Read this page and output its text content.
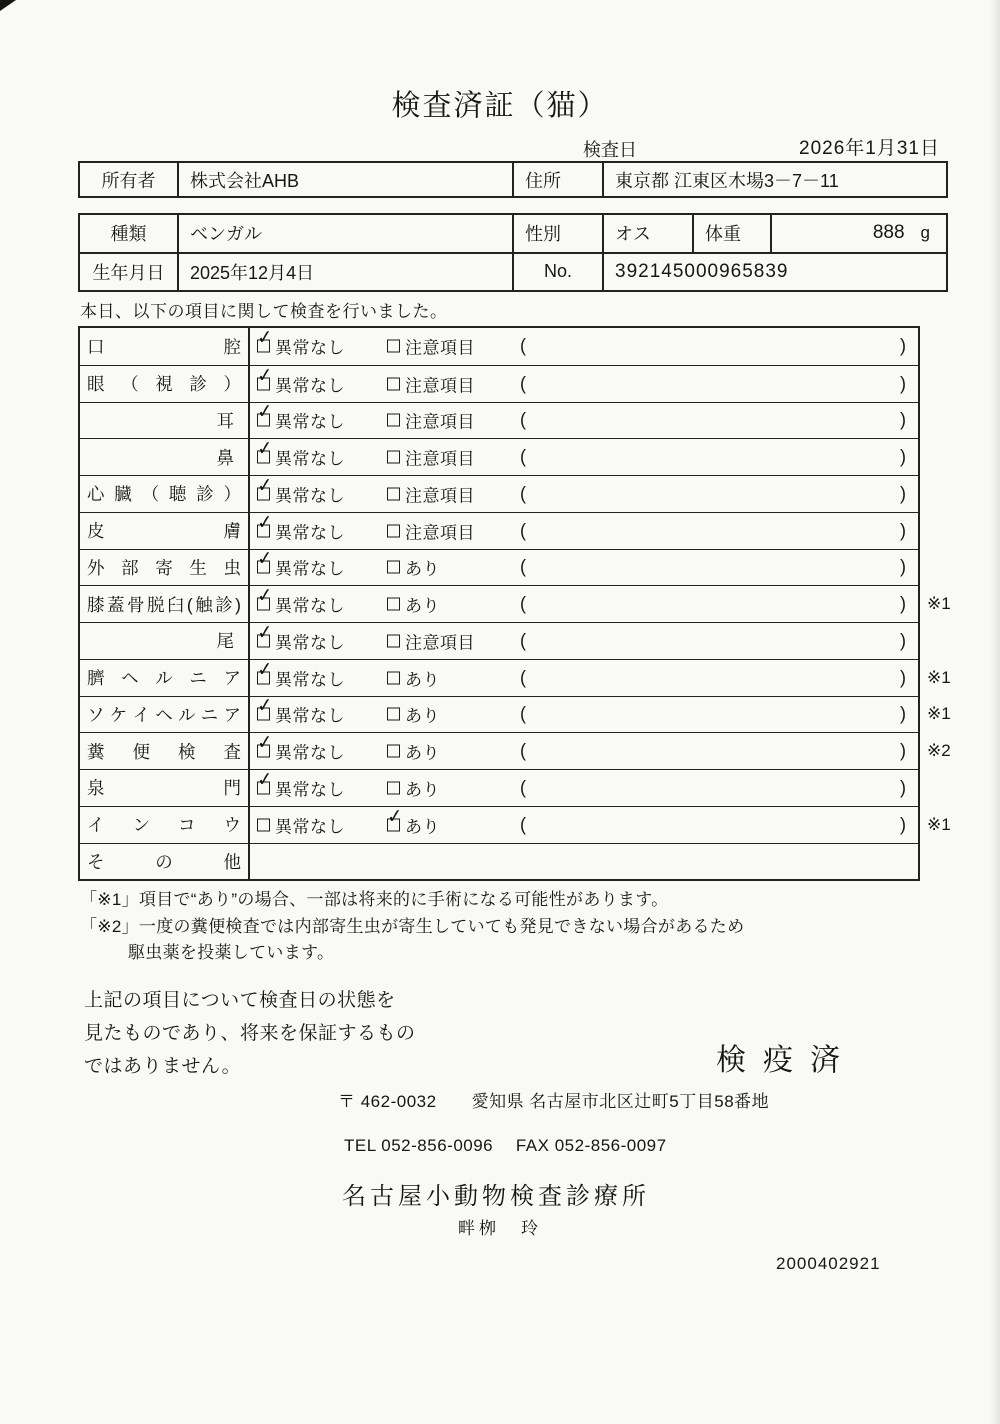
検査済証（猫）
検査日	2026年1月31日
所有者	株式会社AHB	住所	東京都 江東区木場3－7－11
種類	ベンガル	性別	オス	体重	888 g
生年月日	2025年12月4日	No.	392145000965839
本日、以下の項目に関して検査を行いました。
口 腔 ✓ 異常なし	注意項目	(	)
眼 （ 視 診 ） ✓ 異常なし	注意項目	(	)
耳	✓ 異常なし	注意項目	(	)
鼻	✓ 異常なし	注意項目	(	)
心 臓 （ 聴 診 ） ✓ 異常なし	注意項目	(	)
皮 膚 ✓ 異常なし	注意項目	(	)
外 部 寄 生 虫 ✓ 異常なし	あり	(	)
膝蓋骨脱臼(触診) ✓ 異常なし	あり	(	) ※1
尾	✓ 異常なし	注意項目	(	)
臍 ヘ ル ニ ア ✓ 異常なし	あり	(	) ※1
ソ ケ イ ヘ ル ニ ア ✓ 異常なし	あり	(	) ※1
糞 便 検 査 ✓ 異常なし	あり	(	) ※2
泉 門 ✓ 異常なし	あり	(	)
イ ン コ ウ	異常なし ✓ あり	(	) ※1
そ の 他
「※1」項目で“あり”の場合、一部は将来的に手術になる可能性があります。
「※2」一度の糞便検査では内部寄生虫が寄生していても発見できない場合があるため
駆虫薬を投薬しています。
上記の項目について検査日の状態を
見たものであり、将来を保証するもの
ではありません。	検疫済
〒 462-0032　　愛知県 名古屋市北区辻町5丁目58番地
TEL 052-856-0096　 FAX 052-856-0097
名古屋小動物検査診療所
畔栁　玲
2000402921
